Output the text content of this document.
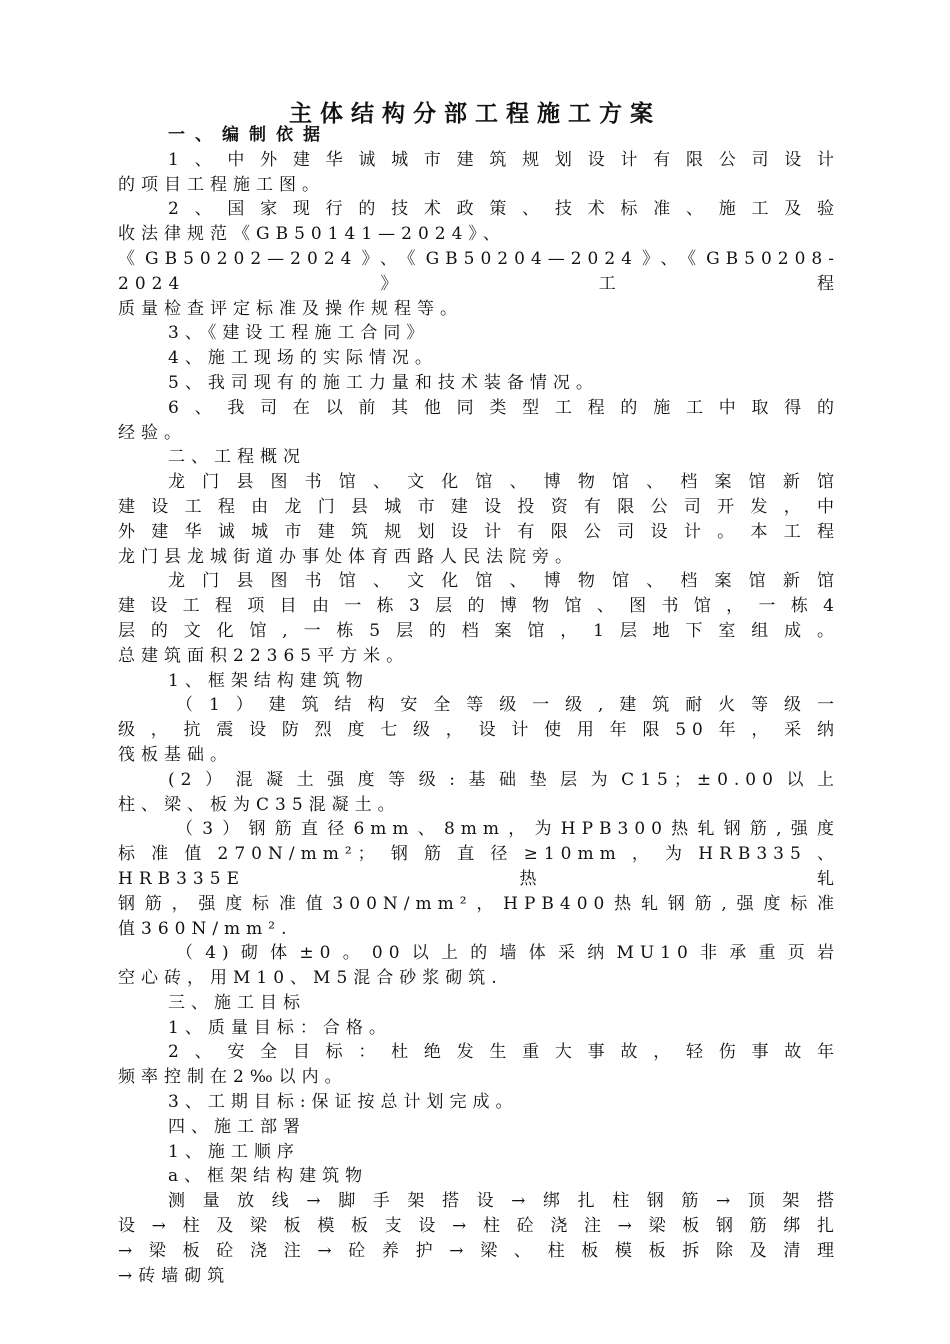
主体结构分部工程施工方案

一、编制依据

1、中外建华诚城市建筑规划设计有限公司设计

的项目工程施工图。

2、国家现行的技术政策、技术标准、施工及验

收法律规范《GB50141—2024》、

《GB50202—2024》、《GB50204—2024》、《GB50208-2024》工程

质量检查评定标准及操作规程等。

3、《建设工程施工合同》

4、施工现场的实际情况。

5、我司现有的施工力量和技术装备情况。

6、我司在以前其他同类型工程的施工中取得的

经验。

二、工程概况

龙门县图书馆、文化馆、博物馆、档案馆新馆

建设工程由龙门县城市建设投资有限公司开发，中

外建华诚城市建筑规划设计有限公司设计。本工程

龙门县龙城街道办事处体育西路人民法院旁。

龙门县图书馆、文化馆、博物馆、档案馆新馆

建设工程项目由一栋3层的博物馆、图书馆，一栋4

层的文化馆,一栋5层的档案馆，1层地下室组成。

总建筑面积22365平方米。

1、框架结构建筑物

（1）建筑结构安全等级一级,建筑耐火等级一

级，抗震设防烈度七级，设计使用年限50年，采纳

筏板基础。

(2）混凝土强度等级:基础垫层为C15；±0.00以上

柱、梁、板为C35混凝土。

（3）钢筋直径6mm、8mm，为HPB300热轧钢筋,强度

标准值270N/mm²；钢筋直径≥10mm，为HRB335、HRB335E热轧

钢筋，强度标准值300N/mm²，HPB400热轧钢筋,强度标准

值360N/mm².

（4)砌体±0。00以上的墙体采纳MU10非承重页岩

空心砖，用M10、M5混合砂浆砌筑.

三、施工目标

1、质量目标：合格。

2、安全目标：杜绝发生重大事故，轻伤事故年

频率控制在2‰以内。

3、工期目标:保证按总计划完成。

四、施工部署

1、施工顺序

a、框架结构建筑物

测量放线→脚手架搭设→绑扎柱钢筋→顶架搭

设→柱及梁板模板支设→柱砼浇注→梁板钢筋绑扎

→梁板砼浇注→砼养护→梁、柱板模板拆除及清理

→砖墙砌筑
